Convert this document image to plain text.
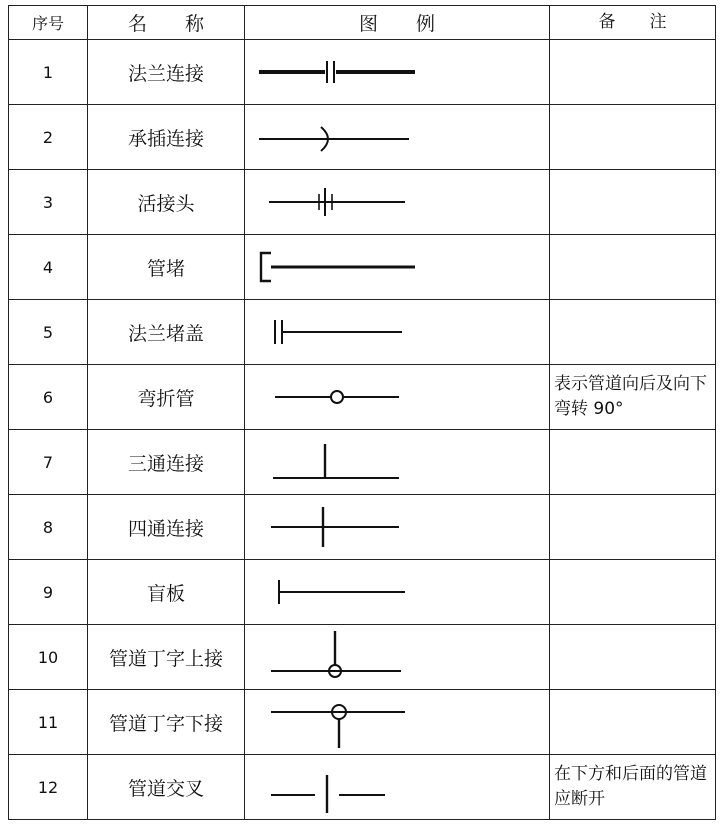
序号	名　　称	图　　例	备　　注
1	法兰连接	

2	承插连接	

3	活接头	

4	管堵	

5	法兰堵盖	

6	弯折管		表示管道向后及向下弯转 90°
7	三通连接	

8	四通连接	

9	盲板	

10	管道丁字上接	

11	管道丁字下接	

12	管道交叉		在下方和后面的管道应断开
